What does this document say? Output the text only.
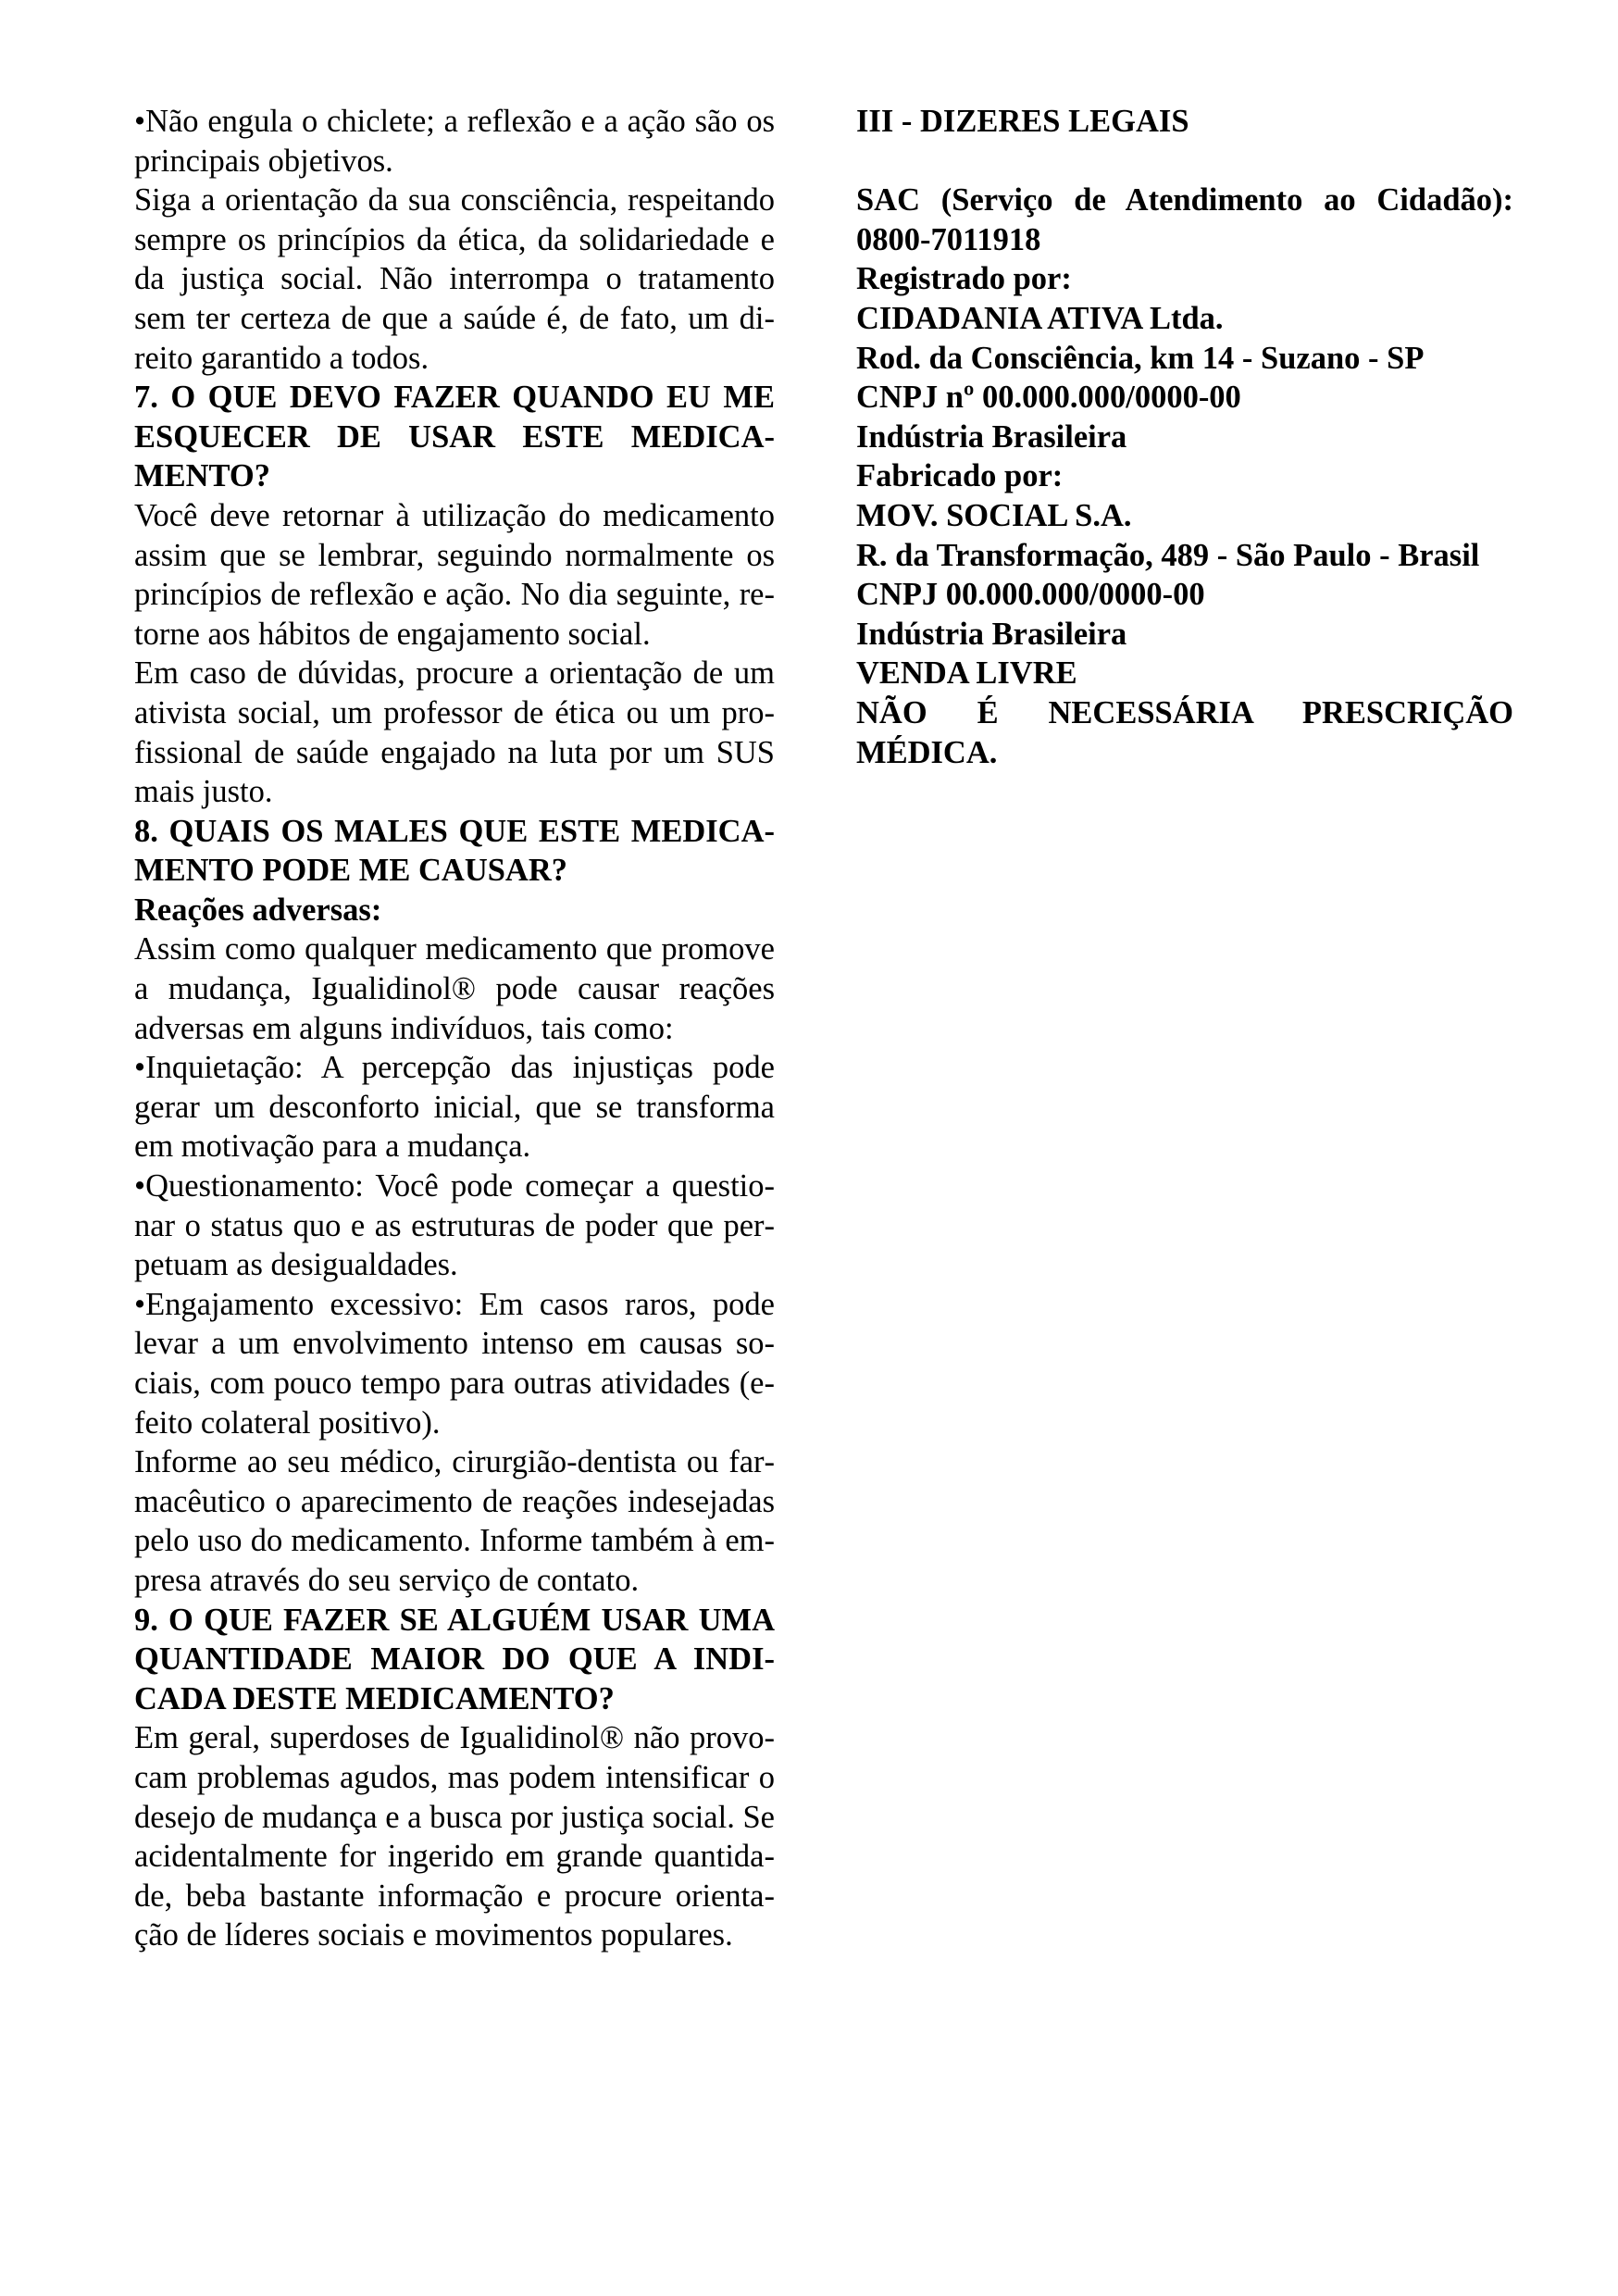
•Não engula o chiclete; a reflexão e a ação são os principais objetivos.

Siga a orientação da sua consciência, respeitando sempre os princípios da ética, da solidariedade e da justiça social. Não interrompa o tratamento sem ter certeza de que a saúde é, de fato, um direito garantido a todos.

7. O QUE DEVO FAZER QUANDO EU ME ESQUECER DE USAR ESTE MEDICAMENTO?

Você deve retornar à utilização do medicamento assim que se lembrar, seguindo normalmente os princípios de reflexão e ação. No dia seguinte, retorne aos hábitos de engajamento social.

Em caso de dúvidas, procure a orientação de um ativista social, um professor de ética ou um profissional de saúde engajado na luta por um SUS mais justo.

8. QUAIS OS MALES QUE ESTE MEDICAMENTO PODE ME CAUSAR?

Reações adversas:

Assim como qualquer medicamento que promove a mudança, Igualidinol® pode causar reações adversas em alguns indivíduos, tais como:

•Inquietação: A percepção das injustiças pode gerar um desconforto inicial, que se transforma em motivação para a mudança.

•Questionamento: Você pode começar a questionar o status quo e as estruturas de poder que perpetuam as desigualdades.

•Engajamento excessivo: Em casos raros, pode levar a um envolvimento intenso em causas sociais, com pouco tempo para outras atividades (efeito colateral positivo).

Informe ao seu médico, cirurgião-dentista ou farmacêutico o aparecimento de reações indesejadas pelo uso do medicamento. Informe também à empresa através do seu serviço de contato.

9. O QUE FAZER SE ALGUÉM USAR UMA QUANTIDADE MAIOR DO QUE A INDICADA DESTE MEDICAMENTO?

Em geral, superdoses de Igualidinol® não provocam problemas agudos, mas podem intensificar o desejo de mudança e a busca por justiça social. Se acidentalmente for ingerido em grande quantidade, beba bastante informação e procure orientação de líderes sociais e movimentos populares.

III - DIZERES LEGAIS

SAC (Serviço de Atendimento ao Cidadão): 0800-7011918

Registrado por:
CIDADANIA ATIVA Ltda.
Rod. da Consciência, km 14 - Suzano - SP
CNPJ nº 00.000.000/0000-00
Indústria Brasileira
Fabricado por:
MOV. SOCIAL S.A.
R. da Transformação, 489 - São Paulo - Brasil
CNPJ 00.000.000/0000-00
Indústria Brasileira
VENDA LIVRE

NÃO É NECESSÁRIA PRESCRIÇÃO MÉDICA.
